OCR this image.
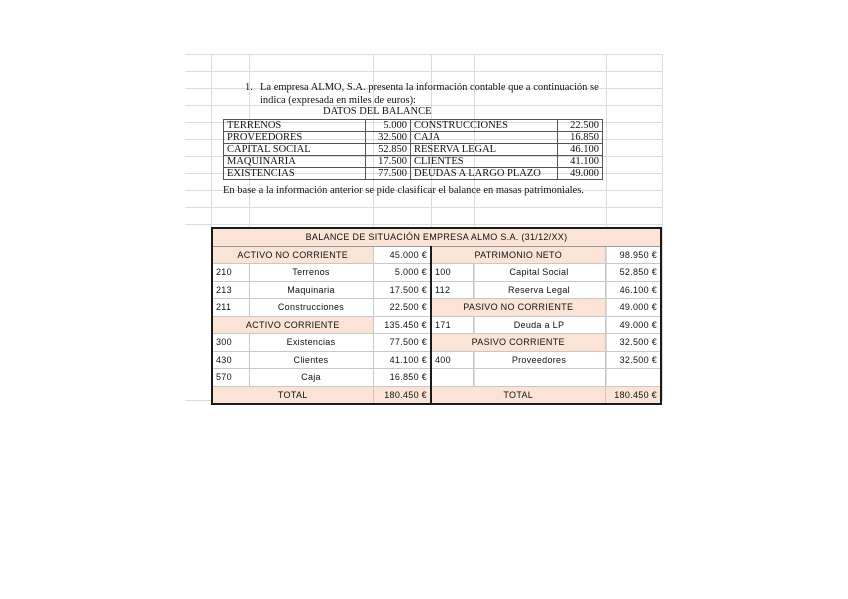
1. La empresa ALMO, S.A. presenta la información contable que a continuación se indica (expresada en miles de euros):
DATOS DEL BALANCE
TERRENOS	5.000	CONSTRUCCIONES	22.500
PROVEEDORES	32.500	CAJA	16.850
CAPITAL SOCIAL	52.850	RESERVA LEGAL	46.100
MAQUINARIA	17.500	CLIENTES	41.100
EXISTENCIAS	77.500	DEUDAS A LARGO PLAZO	49.000
En base a la información anterior se pide clasificar el balance en masas patrimoniales.
BALANCE DE SITUACIÓN EMPRESA ALMO S.A. (31/12/XX)					
ACTIVO NO CORRIENTE		45.000 €	PATRIMONIO NETO		98.950 €
210	Terrenos	5.000 €	100	Capital Social	52.850 €
213	Maquinaria	17.500 €	112	Reserva Legal	46.100 €
211	Construcciones	22.500 €	PASIVO NO CORRIENTE		49.000 €
ACTIVO CORRIENTE		135.450 €	171	Deuda a LP	49.000 €
300	Existencias	77.500 €	PASIVO CORRIENTE		32.500 €
430	Clientes	41.100 €	400	Proveedores	32.500 €
570	Caja	16.850 €			
TOTAL		180.450 €	TOTAL		180.450 €
